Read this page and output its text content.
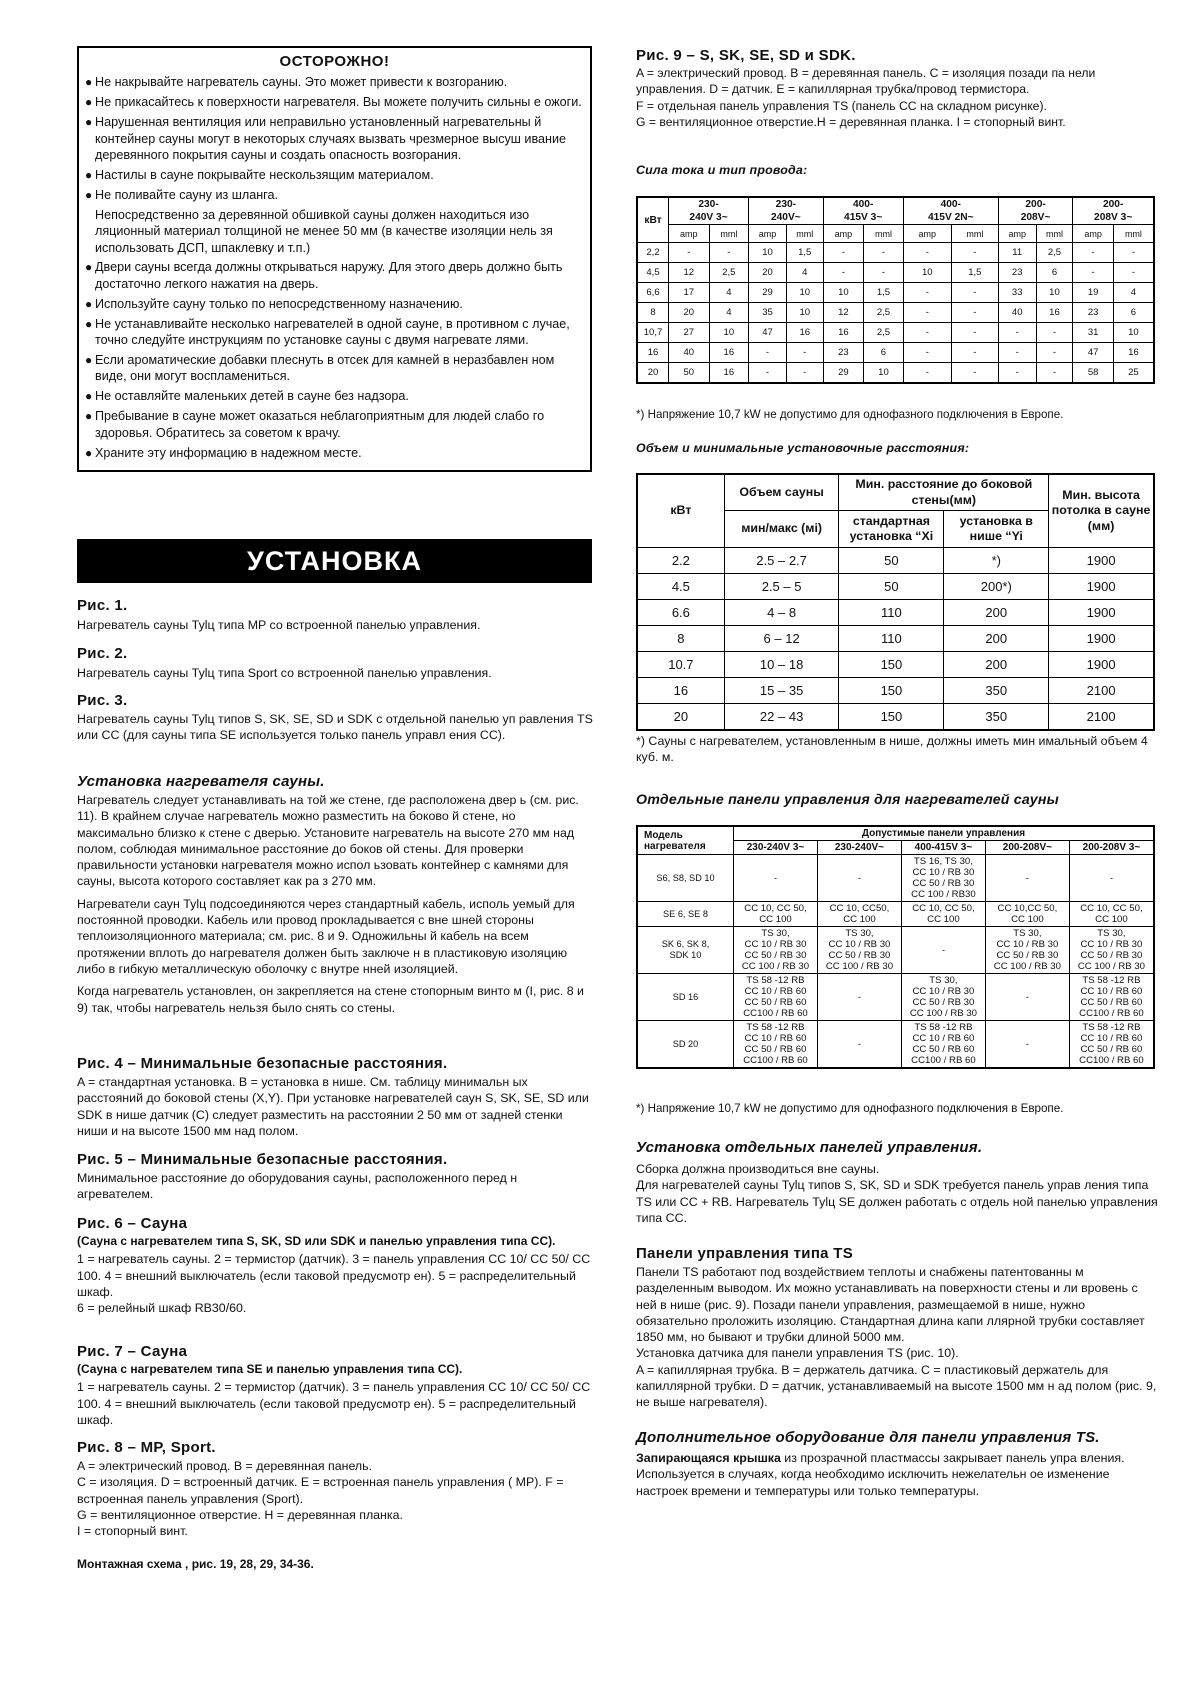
ОСТОРОЖНО!
● Не накрывайте нагреватель сауны. Это может привести к возгоранию.
● Не прикасайтесь к поверхности нагревателя. Вы можете получить сильны е ожоги.
● Нарушенная вентиляция или неправильно установленный нагревательны й контейнер сауны могут в некоторых случаях вызвать чрезмерное высуш ивание деревянного покрытия сауны и создать опасность возгорания.
● Настилы в сауне покрывайте нескользящим материалом.
● Не поливайте сауну из шланга.
Непосредственно за деревянной обшивкой сауны должен находиться изо ляционный материал толщиной не менее 50 мм (в качестве изоляции нель зя использовать ДСП, шпаклевку и т.п.)
● Двери сауны всегда должны открываться наружу. Для этого дверь должно быть достаточно легкого нажатия на дверь.
● Используйте сауну только по непосредственному назначению.
● Не устанавливайте несколько нагревателей в одной сауне, в противном с лучае, точно следуйте инструкциям по установке сауны с двумя нагревате лями.
● Если ароматические добавки плеснуть в отсек для камней в неразбавлен ном виде, они могут воспламениться.
● Не оставляйте маленьких детей в сауне без надзора.
● Пребывание в сауне может оказаться неблагоприятным для людей слабо го здоровья. Обратитесь за советом к врачу.
● Храните эту информацию в надежном месте.
УСТАНОВКА
Рис. 1.

Нагреватель сауны Tylц типа MP со встроенной панелью управления.

Рис. 2.

Нагреватель сауны Tylц типа Sport со встроенной панелью управления.

Рис. 3.

Нагреватель сауны Tylц типов S, SK, SE, SD и SDK с отдельной панелью уп равления TS или CC (для сауны типа SE используется только панель управл ения CC).

Установка нагревателя сауны.

Нагреватель следует устанавливать на той же стене, где расположена двер ь (см. рис. 11). В крайнем случае нагреватель можно разместить на боково й стене, но максимально близко к стене с дверью. Установите нагреватель на высоте 270 мм над полом, соблюдая минимальное расстояние до боков ой стены. Для проверки правильности установки нагревателя можно испол ьзовать контейнер с камнями для сауны, высота которого составляет как ра з 270 мм.

Нагреватели саун Tylц подсоединяются через стандартный кабель, исполь уемый для постоянной проводки. Кабель или провод прокладывается с вне шней стороны теплоизоляционного материала; см. рис. 8 и 9. Одножильны й кабель на всем протяжении вплоть до нагревателя должен быть заключе н в пластиковую изоляцию либо в гибкую металлическую оболочку с внутре нней изоляцией.

Когда нагреватель установлен, он закрепляется на стене стопорным винто м (I, рис. 8 и 9) так, чтобы нагреватель нельзя было снять со стены.

Рис. 4 – Минимальные безопасные расстояния.

A = стандартная установка. B = установка в нише. См. таблицу минимальн ых расстояний до боковой стены (X,Y). При установке нагревателей саун S, SK, SE, SD или SDK в нише датчик (C) следует разместить на расстоянии 2 50 мм от задней стенки ниши и на высоте 1500 мм над полом.

Рис. 5 – Минимальные безопасные расстояния.

Минимальное расстояние до оборудования сауны, расположенного перед н агревателем.

Рис. 6 – Сауна

(Сауна с нагревателем типа S, SK, SD или SDK и панелью управления типа CC).

1 = нагреватель сауны. 2 = термистор (датчик). 3 = панель управления CC 10/ CC 50/ CC 100. 4 = внешний выключатель (если таковой предусмотр ен). 5 = распределительный шкаф.

6 = релейный шкаф RB30/60.

Рис. 7 – Сауна

(Сауна с нагревателем типа SE и панелью управления типа CC).

1 = нагреватель сауны. 2 = термистор (датчик). 3 = панель управления CC 10/ CC 50/ CC 100. 4 = внешний выключатель (если таковой предусмотр ен). 5 = распределительный шкаф.

Рис. 8 – MP, Sport.

A = электрический провод. B = деревянная панель.

C = изоляция. D = встроенный датчик. E = встроенная панель управления ( MP). F = встроенная панель управления (Sport).

G = вентиляционное отверстие. H = деревянная планка.

I = стопорный винт.

Монтажная схема , рис. 19, 28, 29, 34-36.
Рис. 9 – S, SK, SE, SD и SDK.

A = электрический провод. B = деревянная панель. C = изоляция позади па нели управления. D = датчик. E = капиллярная трубка/провод термистора.

F = отдельная панель управления TS (панель CC на складном рисунке).

G = вентиляционное отверстие.H = деревянная планка. I = стопорный винт.

Сила тока и тип провода:
кВт	230-
240V 3~		230-
240V~		400-
415V 3~		400-
415V 2N~		200-
208V~		200-
208V 3~	
	amp	mml	amp	mml	amp	mml	amp	mml	amp	mml	amp	mml
2,2	-	-	10	1,5	-	-	-	-	11	2,5	-	-
4,5	12	2,5	20	4	-	-	10	1,5	23	6	-	-
6,6	17	4	29	10	10	1,5	-	-	33	10	19	4
8	20	4	35	10	12	2,5	-	-	40	16	23	6
10,7	27	10	47	16	16	2,5	-	-	-	-	31	10
16	40	16	-	-	23	6	-	-	-	-	47	16
20	50	16	-	-	29	10	-	-	-	-	58	25
*) Напряжение 10,7 kW не допустимо для однофазного подключения в Европе.
Объем и минимальные установочные расстояния:
кВт	Объем сауны	Мин. расстояние до боковой стены(мм)		Мин. высота потолка в сауне (мм)
	мин/макс (мі)	стандартная установка “Xi	установка в нише “Yi	
2.2	2.5 – 2.7	50	*)	1900
4.5	2.5 – 5	50	200*)	1900
6.6	4 – 8	110	200	1900
8	6 – 12	110	200	1900
10.7	10 – 18	150	200	1900
16	15 – 35	150	350	2100
20	22 – 43	150	350	2100
*) Сауны с нагревателем, установленным в нише, должны иметь мин имальный объем 4 куб. м.
Отдельные панели управления для нагревателей сауны
Модель нагревателя	Допустимые панели управления				
	230-240V 3~	230-240V~	400-415V 3~	200-208V~	200-208V 3~
S6, S8, SD 10	-	-	TS 16, TS 30,
CC 10 / RB 30
CC 50 / RB 30
CC 100 / RB30	-	-
SE 6, SE 8	CC 10, CC 50,
CC 100	CC 10, CC50,
CC 100	CC 10, CC 50,
CC 100	CC 10,CC 50,
CC 100	CC 10, CC 50,
CC 100
SK 6, SK 8,
SDK 10	TS 30,
CC 10 / RB 30
CC 50 / RB 30
CC 100 / RB 30	TS 30,
CC 10 / RB 30
CC 50 / RB 30
CC 100 / RB 30	-	TS 30,
CC 10 / RB 30
CC 50 / RB 30
CC 100 / RB 30	TS 30,
CC 10 / RB 30
CC 50 / RB 30
CC 100 / RB 30
SD 16	TS 58 -12 RB
CC 10 / RB 60
CC 50 / RB 60
CC100 / RB 60	-	TS 30,
CC 10 / RB 30
CC 50 / RB 30
CC 100 / RB 30	-	TS 58 -12 RB
CC 10 / RB 60
CC 50 / RB 60
CC100 / RB 60
SD 20	TS 58 -12 RB
CC 10 / RB 60
CC 50 / RB 60
CC100 / RB 60	-	TS 58 -12 RB
CC 10 / RB 60
CC 50 / RB 60
CC100 / RB 60	-	TS 58 -12 RB
CC 10 / RB 60
CC 50 / RB 60
CC100 / RB 60
*) Напряжение 10,7 kW не допустимо для однофазного подключения в Европе.
Установка отдельных панелей управления.

Сборка должна производиться вне сауны.

Для нагревателей сауны Tylц типов S, SK, SD и SDK требуется панель управ ления типа TS или CC + RB. Нагреватель Tylц SE должен работать с отдель ной панелью управления типа CC.

Панели управления типа TS

Панели TS работают под воздействием теплоты и снабжены патентованны м разделенным выводом. Их можно устанавливать на поверхности стены и ли вровень с ней в нише (рис. 9). Позади панели управления, размещаемой в нише, нужно обязательно проложить изоляцию. Стандартная длина капи ллярной трубки составляет 1850 мм, но бывают и трубки длиной 5000 мм.

Установка датчика для панели управления TS (рис. 10).

A = капиллярная трубка. B = держатель датчика. C = пластиковый держатель для капиллярной трубки. D = датчик, устанавливаемый на высоте 1500 мм н ад полом (рис. 9, не выше нагревателя).

Дополнительное оборудование для панели управления TS.

Запирающаяся крышка из прозрачной пластмассы закрывает панель упра вления. Используется в случаях, когда необходимо исключить нежелательн ое изменение настроек времени и температуры или только температуры.
